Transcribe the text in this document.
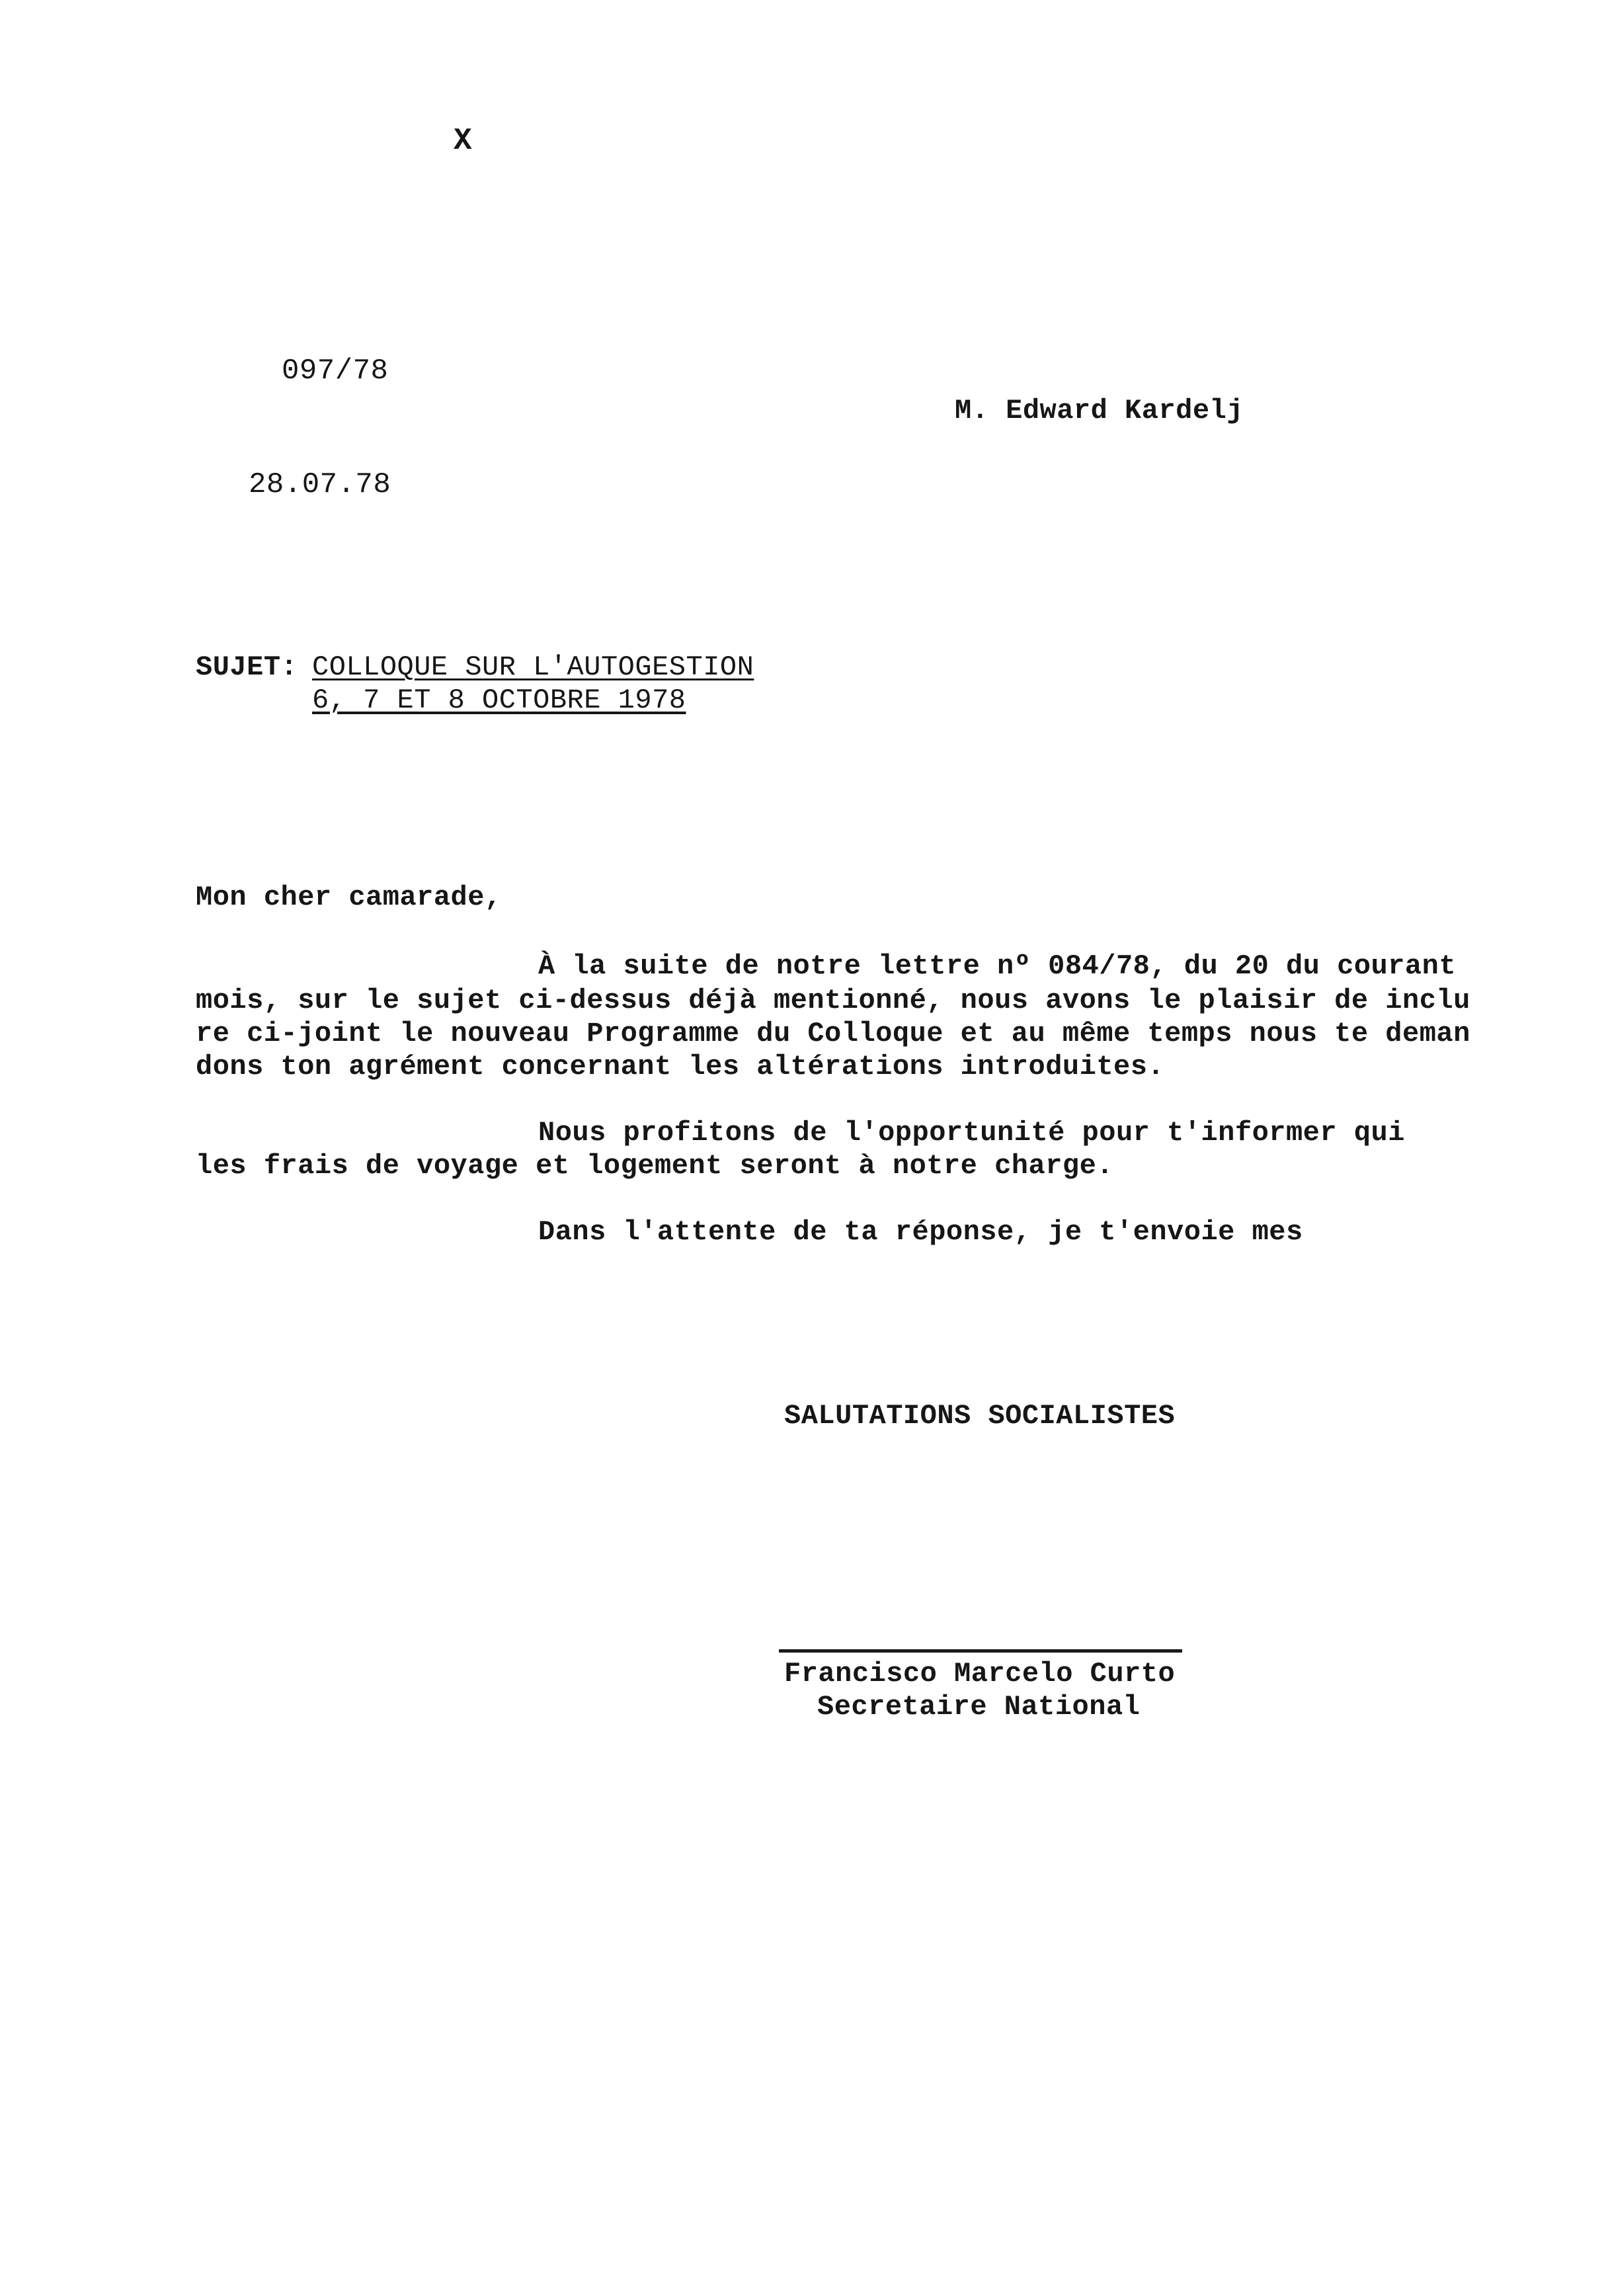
X
097/78
M. Edward Kardelj
28.07.78
SUJET: COLLOQUE SUR L'AUTOGESTION
6, 7 ET 8 OCTOBRE 1978
Mon cher camarade,
À la suite de notre lettre nº 084/78, du 20 du courant
mois, sur le sujet ci-dessus déjà mentionné, nous avons le plaisir de inclu
re ci-joint le nouveau Programme du Colloque et au même temps nous te deman
dons ton agrément concernant les altérations introduites.
Nous profitons de l'opportunité pour t'informer qui
les frais de voyage et logement seront à notre charge.
Dans l'attente de ta réponse, je t'envoie mes
SALUTATIONS SOCIALISTES
Francisco Marcelo Curto
Secretaire National
